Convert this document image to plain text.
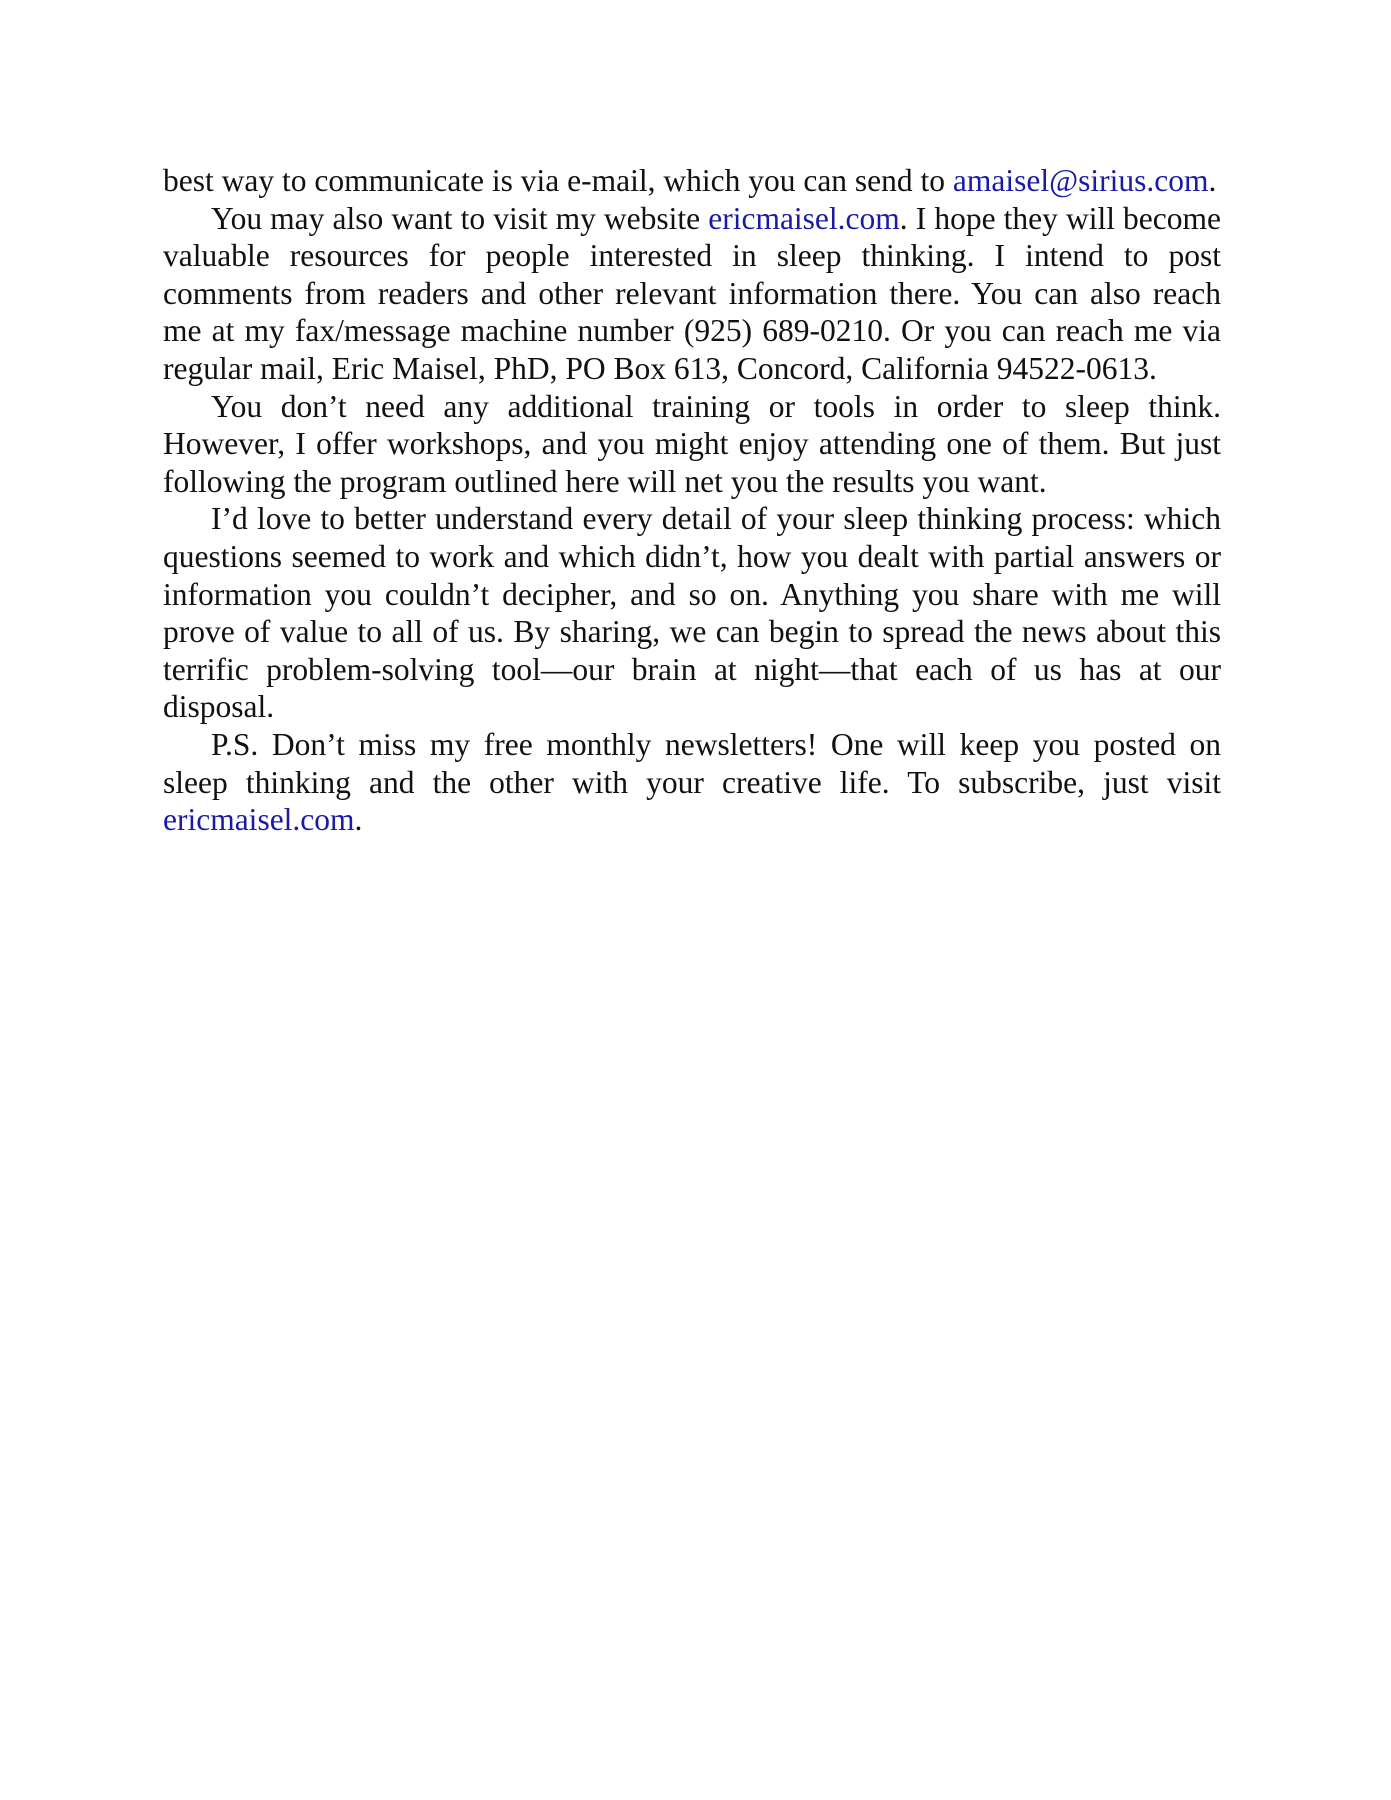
best way to communicate is via e-mail, which you can send to amaisel@sirius.com.

You may also want to visit my website ericmaisel.com. I hope they will become valuable resources for people interested in sleep thinking. I intend to post comments from readers and other relevant information there. You can also reach me at my fax/message machine number (925) 689-0210. Or you can reach me via regular mail, Eric Maisel, PhD, PO Box 613, Concord, California 94522-0613.

You don’t need any additional training or tools in order to sleep think. However, I offer workshops, and you might enjoy attending one of them. But just following the program outlined here will net you the results you want.

I’d love to better understand every detail of your sleep thinking process: which questions seemed to work and which didn’t, how you dealt with partial answers or information you couldn’t decipher, and so on. Anything you share with me will prove of value to all of us. By sharing, we can begin to spread the news about this terrific problem-solving tool—our brain at night—that each of us has at our disposal.

P.S. Don’t miss my free monthly newsletters! One will keep you posted on sleep thinking and the other with your creative life. To subscribe, just visit ericmaisel.com.
